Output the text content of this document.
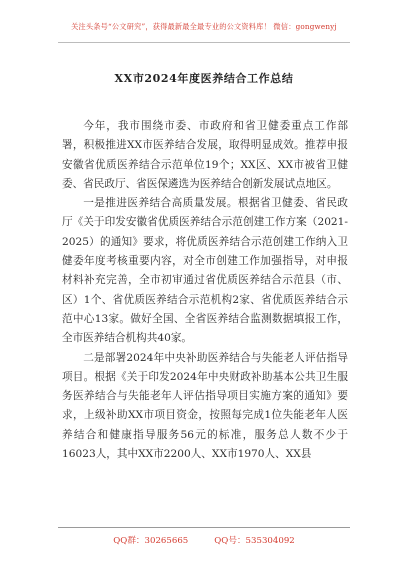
关注头条号“公文研究”，获得最新最全最专业的公文资料库！ 微信：gongwenyj
XX市2024年度医养结合工作总结

今年，我市围绕市委、市政府和省卫健委重点工作部署，积极推进XX市医养结合发展，取得明显成效。推荐申报安徽省优质医养结合示范单位19个；XX区、XX市被省卫健委、省民政厅、省医保遴选为医养结合创新发展试点地区。

一是推进医养结合高质量发展。根据省卫健委、省民政厅《关于印发安徽省优质医养结合示范创建工作方案（2021-2025）的通知》要求，将优质医养结合示范创建工作纳入卫健委年度考核重要内容，对全市创建工作加强指导，对申报材料补充完善，全市初审通过省优质医养结合示范县（市、区）1个、省优质医养结合示范机构2家、省优质医养结合示范中心13家。做好全国、全省医养结合监测数据填报工作，全市医养结合机构共40家。

二是部署2024年中央补助医养结合与失能老人评估指导项目。根据《关于印发2024年中央财政补助基本公共卫生服务医养结合与失能老年人评估指导项目实施方案的通知》要求，上级补助XX市项目资金，按照每完成1位失能老年人医养结合和健康指导服务56元的标准，服务总人数不少于16023人，其中XX市2200人、XX市1970人、XX县

QQ群：30265665	QQ号：535304092
